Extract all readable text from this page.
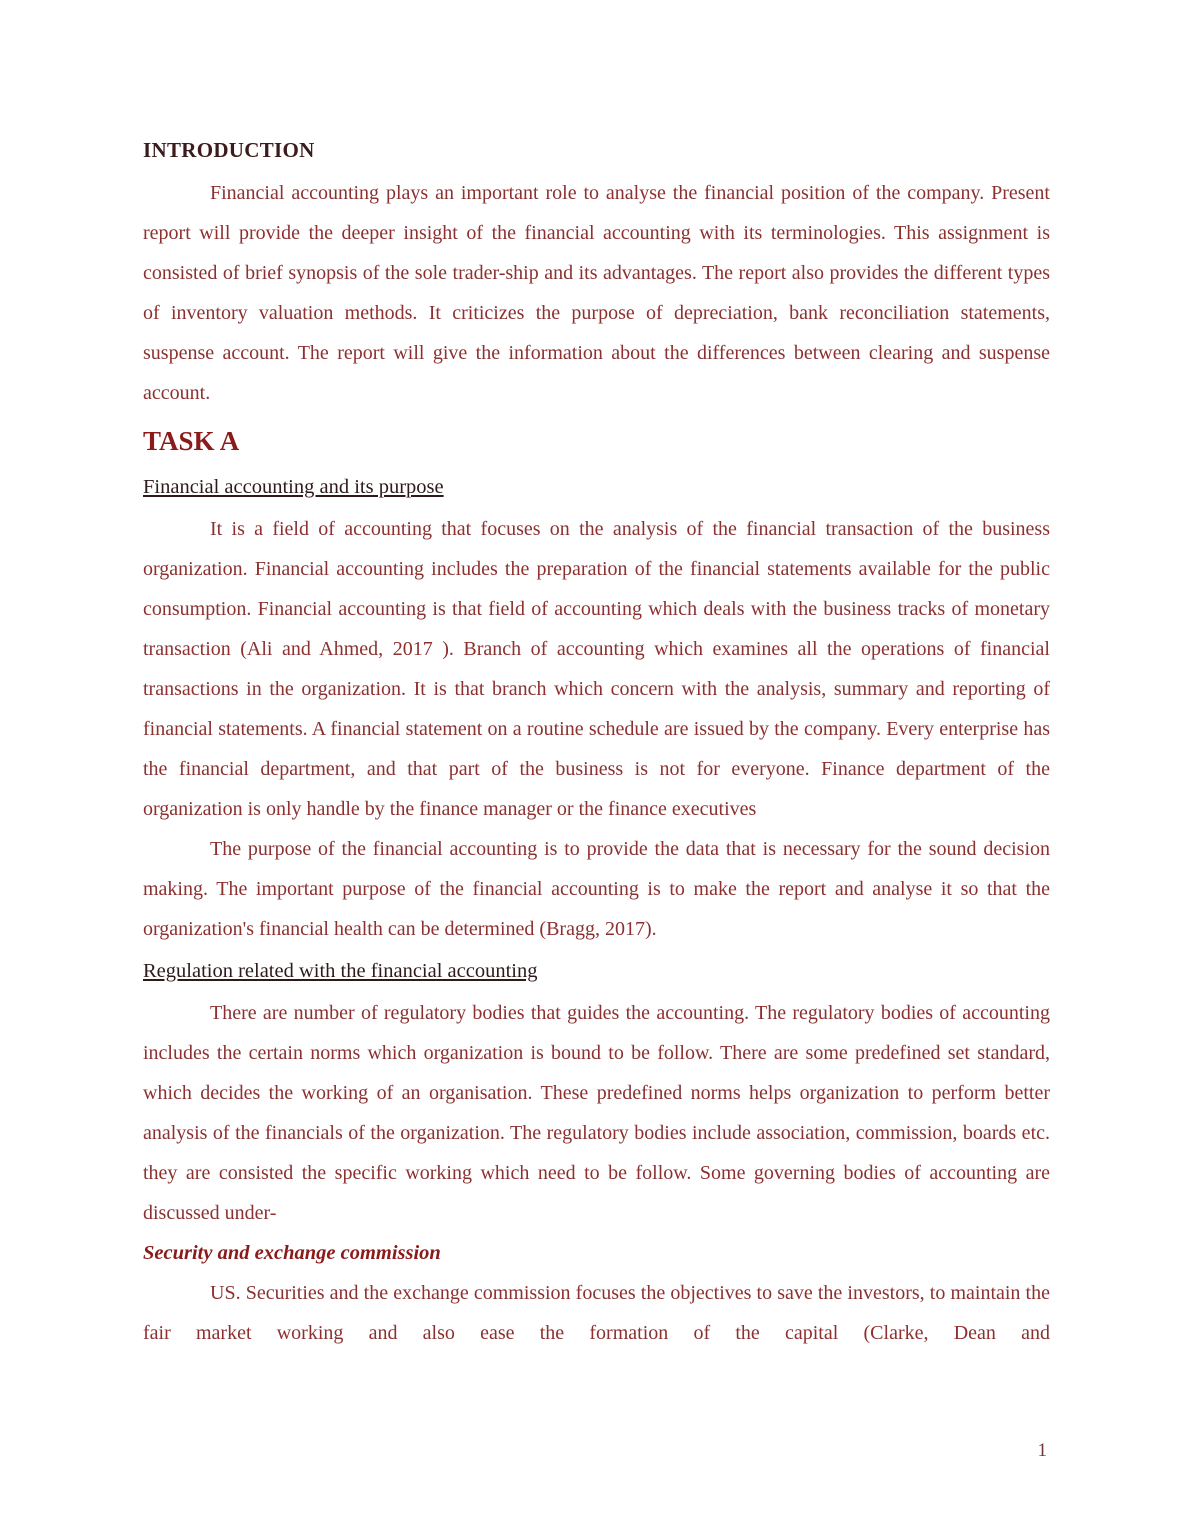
INTRODUCTION

Financial accounting plays an important role to analyse the financial position of the company. Present report will provide the deeper insight of the financial accounting with its terminologies. This assignment is consisted of brief synopsis of the sole trader-ship and its advantages. The report also provides the different types of inventory valuation methods. It criticizes the purpose of depreciation, bank reconciliation statements, suspense account. The report will give the information about the differences between clearing and suspense account.

TASK A
Financial accounting and its purpose

It is a field of accounting that focuses on the analysis of the financial transaction of the business organization. Financial accounting includes the preparation of the financial statements available for the public consumption. Financial accounting is that field of accounting which deals with the business tracks of monetary transaction (Ali and Ahmed, 2017 ). Branch of accounting which examines all the operations of financial transactions in the organization. It is that branch which concern with the analysis, summary and reporting of financial statements. A financial statement on a routine schedule are issued by the company. Every enterprise has the financial department, and that part of the business is not for everyone. Finance department of the organization is only handle by the finance manager or the finance executives

The purpose of the financial accounting is to provide the data that is necessary for the sound decision making. The important purpose of the financial accounting is to make the report and analyse it so that the organization's financial health can be determined (Bragg, 2017).

Regulation related with the financial accounting

There are number of regulatory bodies that guides the accounting. The regulatory bodies of accounting includes the certain norms which organization is bound to be follow. There are some predefined set standard, which decides the working of an organisation. These predefined norms helps organization to perform better analysis of the financials of the organization. The regulatory bodies include association, commission, boards etc. they are consisted the specific working which need to be follow. Some governing bodies of accounting are discussed under-

Security and exchange commission

US. Securities and the exchange commission focuses the objectives to save the investors, to maintain the fair market working and also ease the formation of the capital (Clarke, Dean and

1
